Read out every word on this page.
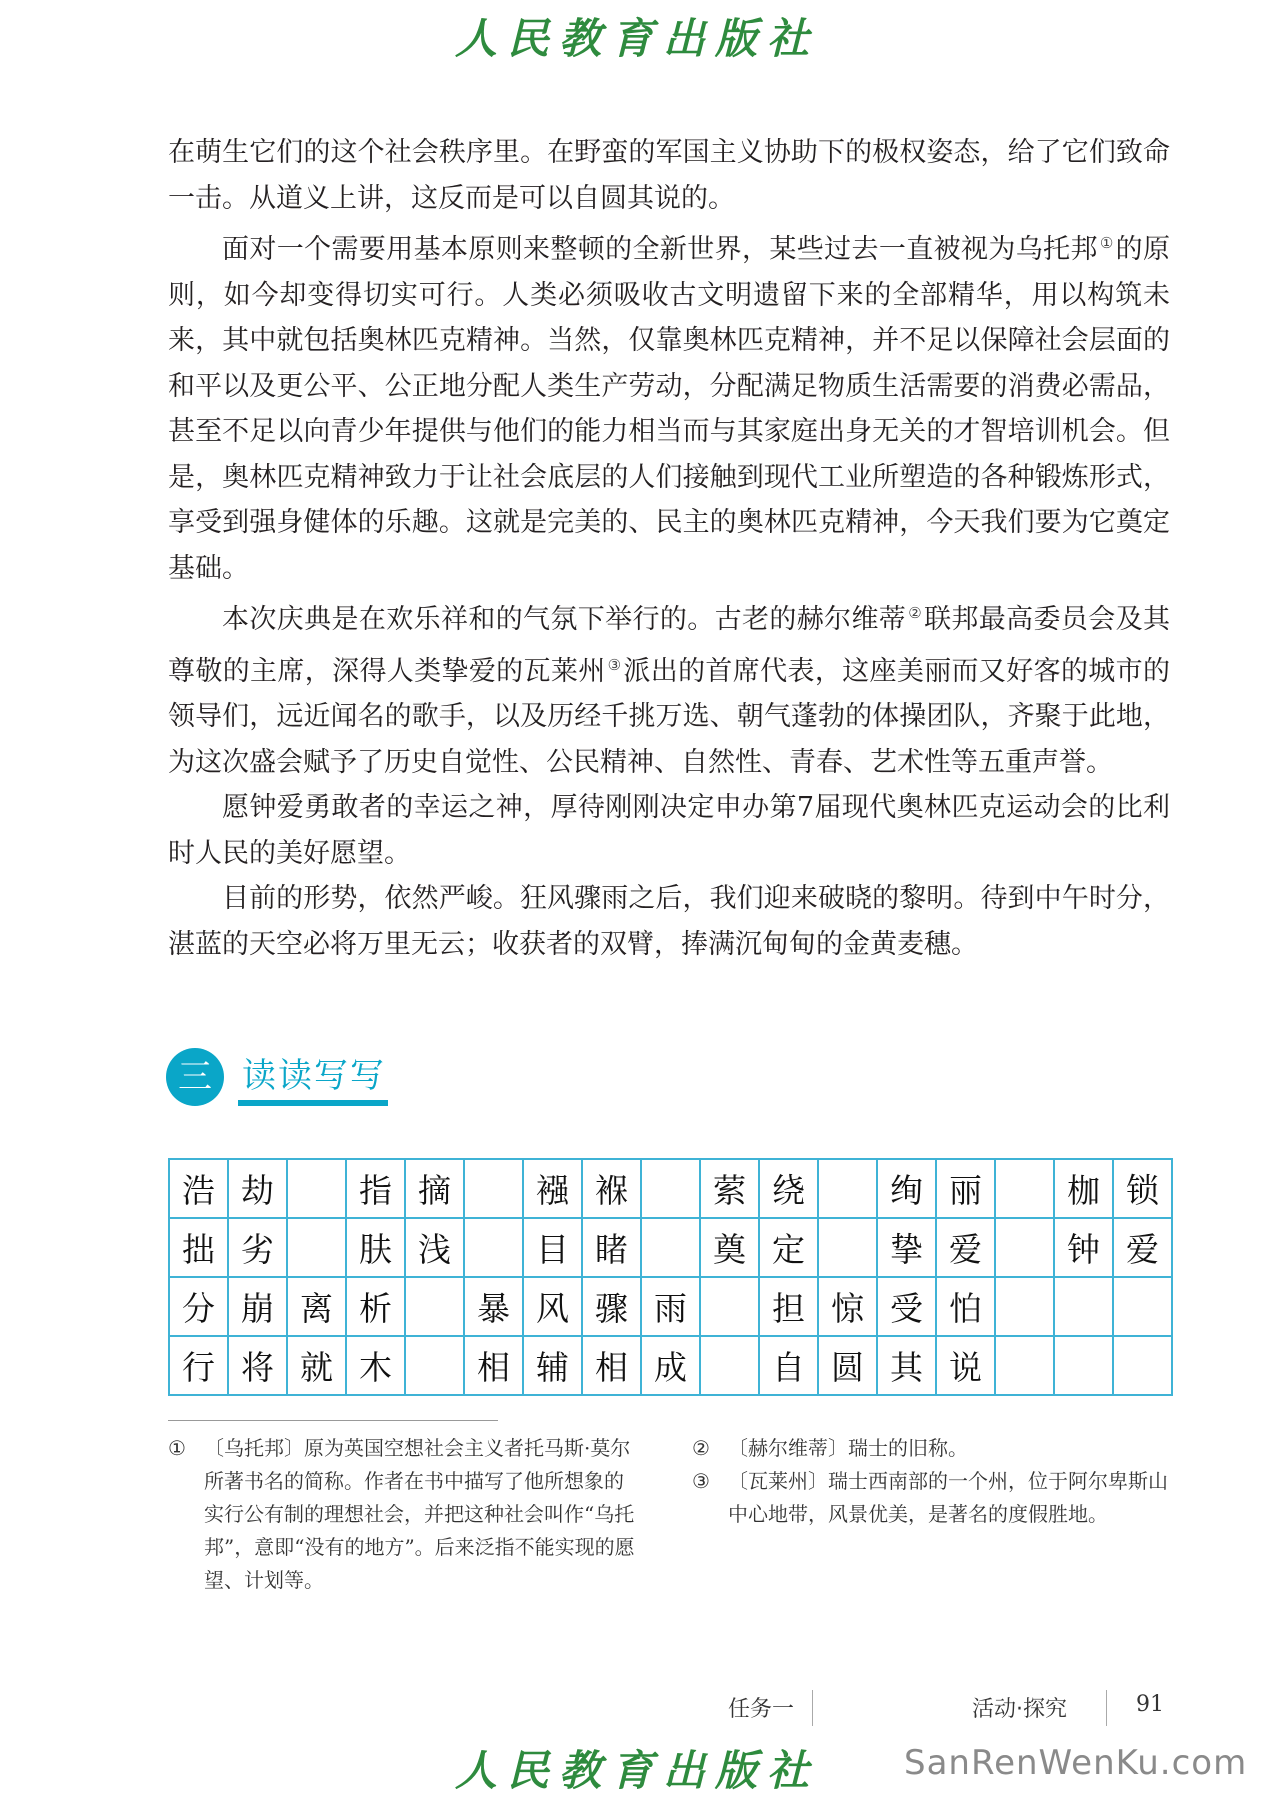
人民教育出版社

在萌生它们的这个社会秩序里。在野蛮的军国主义协助下的极权姿态，给了它们致命一击。从道义上讲，这反而是可以自圆其说的。

面对一个需要用基本原则来整顿的全新世界，某些过去一直被视为乌托邦 ①的原则，如今却变得切实可行。人类必须吸收古文明遗留下来的全部精华，用以构筑未来，其中就包括奥林匹克精神。当然，仅靠奥林匹克精神，并不足以保障社会层面的和平以及更公平、公正地分配人类生产劳动，分配满足物质生活需要的消费必需品，甚至不足以向青少年提供与他们的能力相当而与其家庭出身无关的才智培训机会。但是，奥林匹克精神致力于让社会底层的人们接触到现代工业所塑造的各种锻炼形式，享受到强身健体的乐趣。这就是完美的、民主的奥林匹克精神，今天我们要为它奠定基础。

本次庆典是在欢乐祥和的气氛下举行的。古老的赫尔维蒂 ②联邦最高委员会及其尊敬的主席，深得人类挚爱的瓦莱州 ③派出的首席代表，这座美丽而又好客的城市的领导们，远近闻名的歌手，以及历经千挑万选、朝气蓬勃的体操团队，齐聚于此地，为这次盛会赋予了历史自觉性、公民精神、自然性、青春、艺术性等五重声誉。

愿钟爱勇敢者的幸运之神，厚待刚刚决定申办第7届现代奥林匹克运动会的比利时人民的美好愿望。

目前的形势，依然严峻。狂风骤雨之后，我们迎来破晓的黎明。待到中午时分，湛蓝的天空必将万里无云；收获者的双臂，捧满沉甸甸的金黄麦穗。

三 读读写写
浩	劫		指	摘		襁	褓		萦	绕		绚	丽		枷	锁
拙	劣		肤	浅		目	睹		奠	定		挚	爱		钟	爱
分	崩	离	析		暴	风	骤	雨		担	惊	受	怕			
行	将	就	木		相	辅	相	成		自	圆	其	说			

① 〔乌托邦〕原为英国空想社会主义者托马斯·莫尔所著书名的简称。作者在书中描写了他所想象的实行公有制的理想社会，并把这种社会叫作“乌托邦”，意即“没有的地方”。后来泛指不能实现的愿望、计划等。

② 〔赫尔维蒂〕瑞士的旧称。

③ 〔瓦莱州〕瑞士西南部的一个州，位于阿尔卑斯山中心地带，风景优美，是著名的度假胜地。

任务一	活动·探究	91
人民教育出版社	SanRenWenKu.com
